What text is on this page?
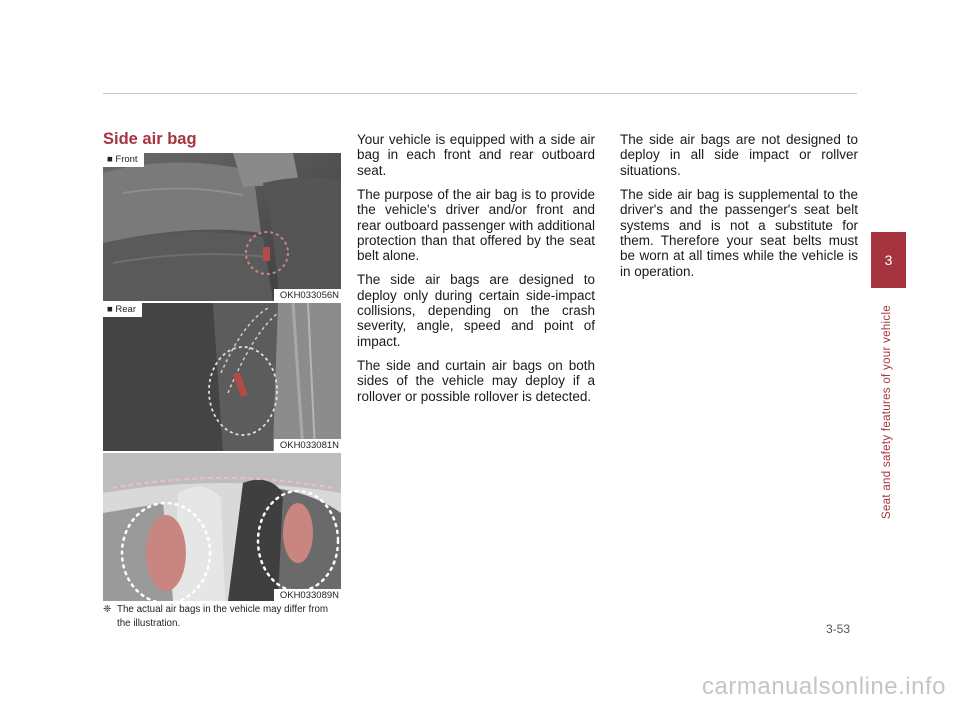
Side air bag
■ Front
OKH033056N
■ Rear
OKH033081N
OKH033089N
❈ The actual air bags in the vehicle may differ from the illustration.

Your vehicle is equipped with a side air bag in each front and rear outboard seat.

The purpose of the air bag is to provide the vehicle's driver and/or front and rear outboard passenger with additional protection than that offered by the seat belt alone.

The side air bags are designed to deploy only during certain side-impact collisions, depending on the crash severity, angle, speed and point of impact.

The side and curtain air bags on both sides of the vehicle may deploy if a rollover or possible rollover is detected.

The side air bags are not designed to deploy in all side impact or rollver situations.

The side air bag is supplemental to the driver's and the passenger's seat belt systems and is not a substitute for them. Therefore your seat belts must be worn at all times while the vehicle is in operation.

3
Seat and safety features of your vehicle
3-53
carmanualsonline.info
